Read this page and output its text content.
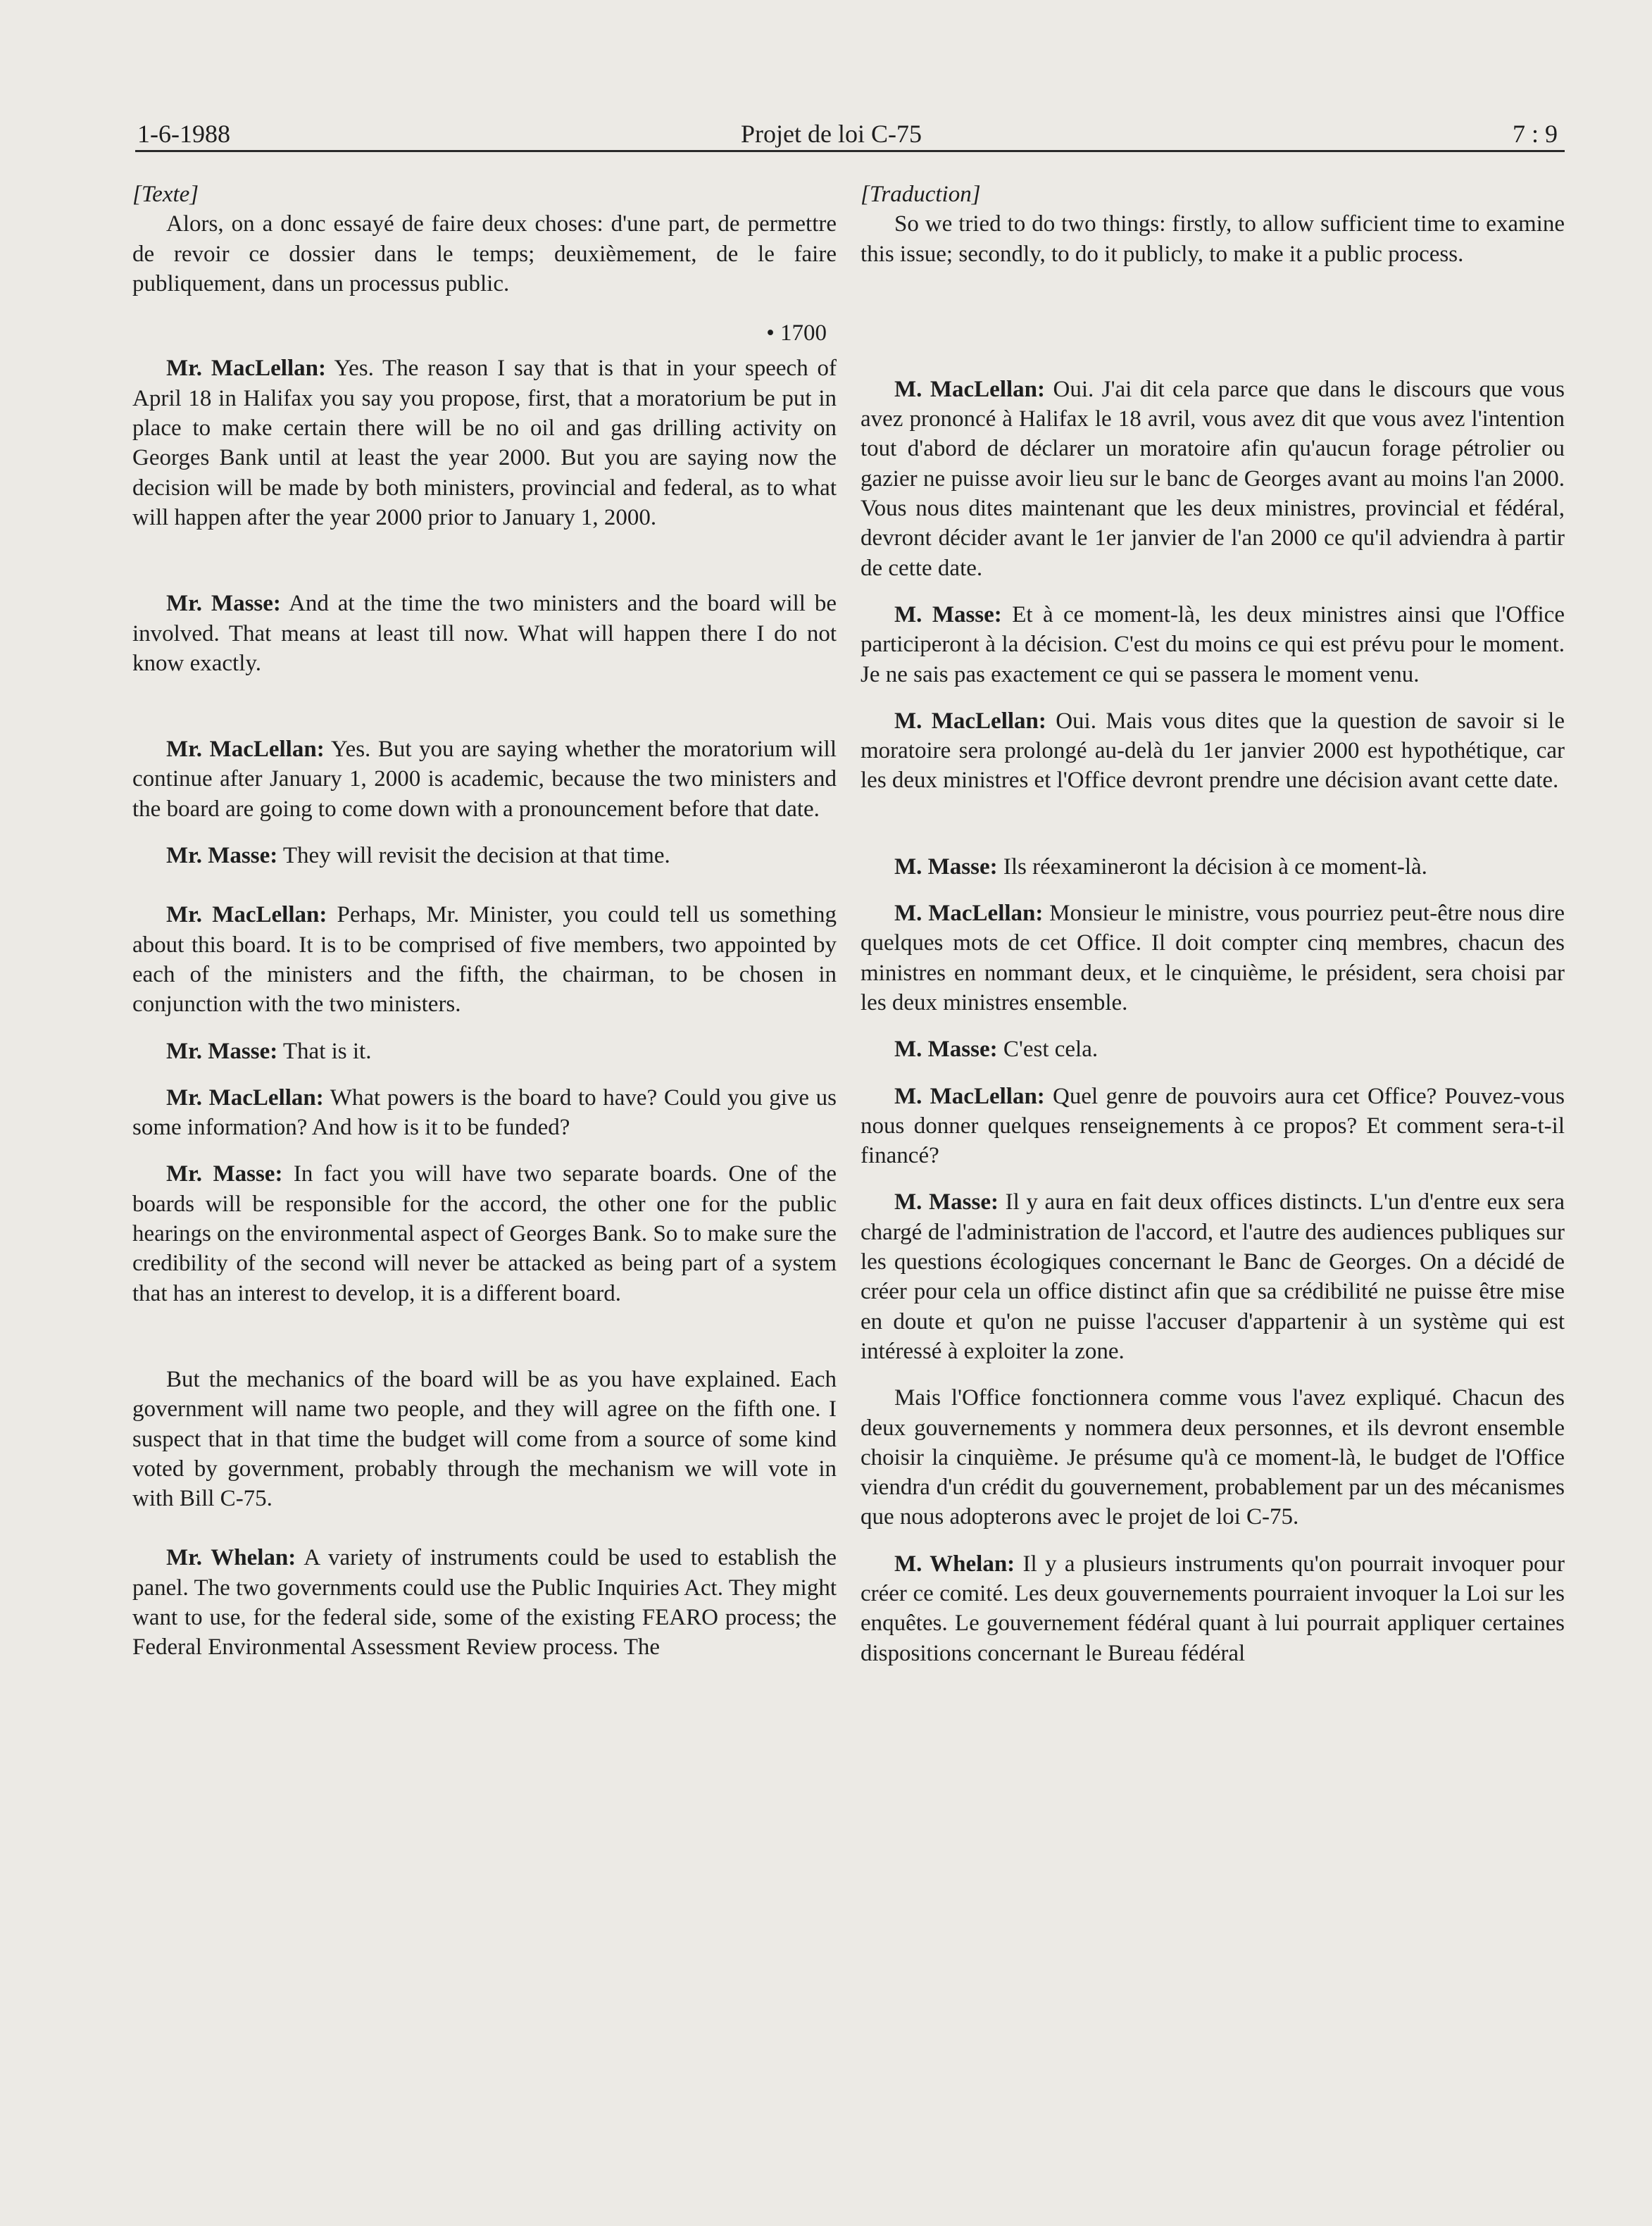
1-6-1988	Projet de loi C-75	7 : 9

[Texte]

Alors, on a donc essayé de faire deux choses: d'une part, de permettre de revoir ce dossier dans le temps; deuxièmement, de le faire publiquement, dans un processus public.

• 1700

Mr. MacLellan: Yes. The reason I say that is that in your speech of April 18 in Halifax you say you propose, first, that a moratorium be put in place to make certain there will be no oil and gas drilling activity on Georges Bank until at least the year 2000. But you are saying now the decision will be made by both ministers, provincial and federal, as to what will happen after the year 2000 prior to January 1, 2000.

Mr. Masse: And at the time the two ministers and the board will be involved. That means at least till now. What will happen there I do not know exactly.

Mr. MacLellan: Yes. But you are saying whether the moratorium will continue after January 1, 2000 is academic, because the two ministers and the board are going to come down with a pronouncement before that date.

Mr. Masse: They will revisit the decision at that time.

Mr. MacLellan: Perhaps, Mr. Minister, you could tell us something about this board. It is to be comprised of five members, two appointed by each of the ministers and the fifth, the chairman, to be chosen in conjunction with the two ministers.

Mr. Masse: That is it.

Mr. MacLellan: What powers is the board to have? Could you give us some information? And how is it to be funded?

Mr. Masse: In fact you will have two separate boards. One of the boards will be responsible for the accord, the other one for the public hearings on the environmental aspect of Georges Bank. So to make sure the credibility of the second will never be attacked as being part of a system that has an interest to develop, it is a different board.

But the mechanics of the board will be as you have explained. Each government will name two people, and they will agree on the fifth one. I suspect that in that time the budget will come from a source of some kind voted by government, probably through the mechanism we will vote in with Bill C-75.

Mr. Whelan: A variety of instruments could be used to establish the panel. The two governments could use the Public Inquiries Act. They might want to use, for the federal side, some of the existing FEARO process; the Federal Environmental Assessment Review process. The

[Traduction]

So we tried to do two things: firstly, to allow sufficient time to examine this issue; secondly, to do it publicly, to make it a public process.

M. MacLellan: Oui. J'ai dit cela parce que dans le discours que vous avez prononcé à Halifax le 18 avril, vous avez dit que vous avez l'intention tout d'abord de déclarer un moratoire afin qu'aucun forage pétrolier ou gazier ne puisse avoir lieu sur le banc de Georges avant au moins l'an 2000. Vous nous dites maintenant que les deux ministres, provincial et fédéral, devront décider avant le 1er janvier de l'an 2000 ce qu'il adviendra à partir de cette date.

M. Masse: Et à ce moment-là, les deux ministres ainsi que l'Office participeront à la décision. C'est du moins ce qui est prévu pour le moment. Je ne sais pas exactement ce qui se passera le moment venu.

M. MacLellan: Oui. Mais vous dites que la question de savoir si le moratoire sera prolongé au-delà du 1er janvier 2000 est hypothétique, car les deux ministres et l'Office devront prendre une décision avant cette date.

M. Masse: Ils réexamineront la décision à ce moment-là.

M. MacLellan: Monsieur le ministre, vous pourriez peut-être nous dire quelques mots de cet Office. Il doit compter cinq membres, chacun des ministres en nommant deux, et le cinquième, le président, sera choisi par les deux ministres ensemble.

M. Masse: C'est cela.

M. MacLellan: Quel genre de pouvoirs aura cet Office? Pouvez-vous nous donner quelques renseignements à ce propos? Et comment sera-t-il financé?

M. Masse: Il y aura en fait deux offices distincts. L'un d'entre eux sera chargé de l'administration de l'accord, et l'autre des audiences publiques sur les questions écologiques concernant le Banc de Georges. On a décidé de créer pour cela un office distinct afin que sa crédibilité ne puisse être mise en doute et qu'on ne puisse l'accuser d'appartenir à un système qui est intéressé à exploiter la zone.

Mais l'Office fonctionnera comme vous l'avez expliqué. Chacun des deux gouvernements y nommera deux personnes, et ils devront ensemble choisir la cinquième. Je présume qu'à ce moment-là, le budget de l'Office viendra d'un crédit du gouvernement, probablement par un des mécanismes que nous adopterons avec le projet de loi C-75.

M. Whelan: Il y a plusieurs instruments qu'on pourrait invoquer pour créer ce comité. Les deux gouvernements pourraient invoquer la Loi sur les enquêtes. Le gouvernement fédéral quant à lui pourrait appliquer certaines dispositions concernant le Bureau fédéral
